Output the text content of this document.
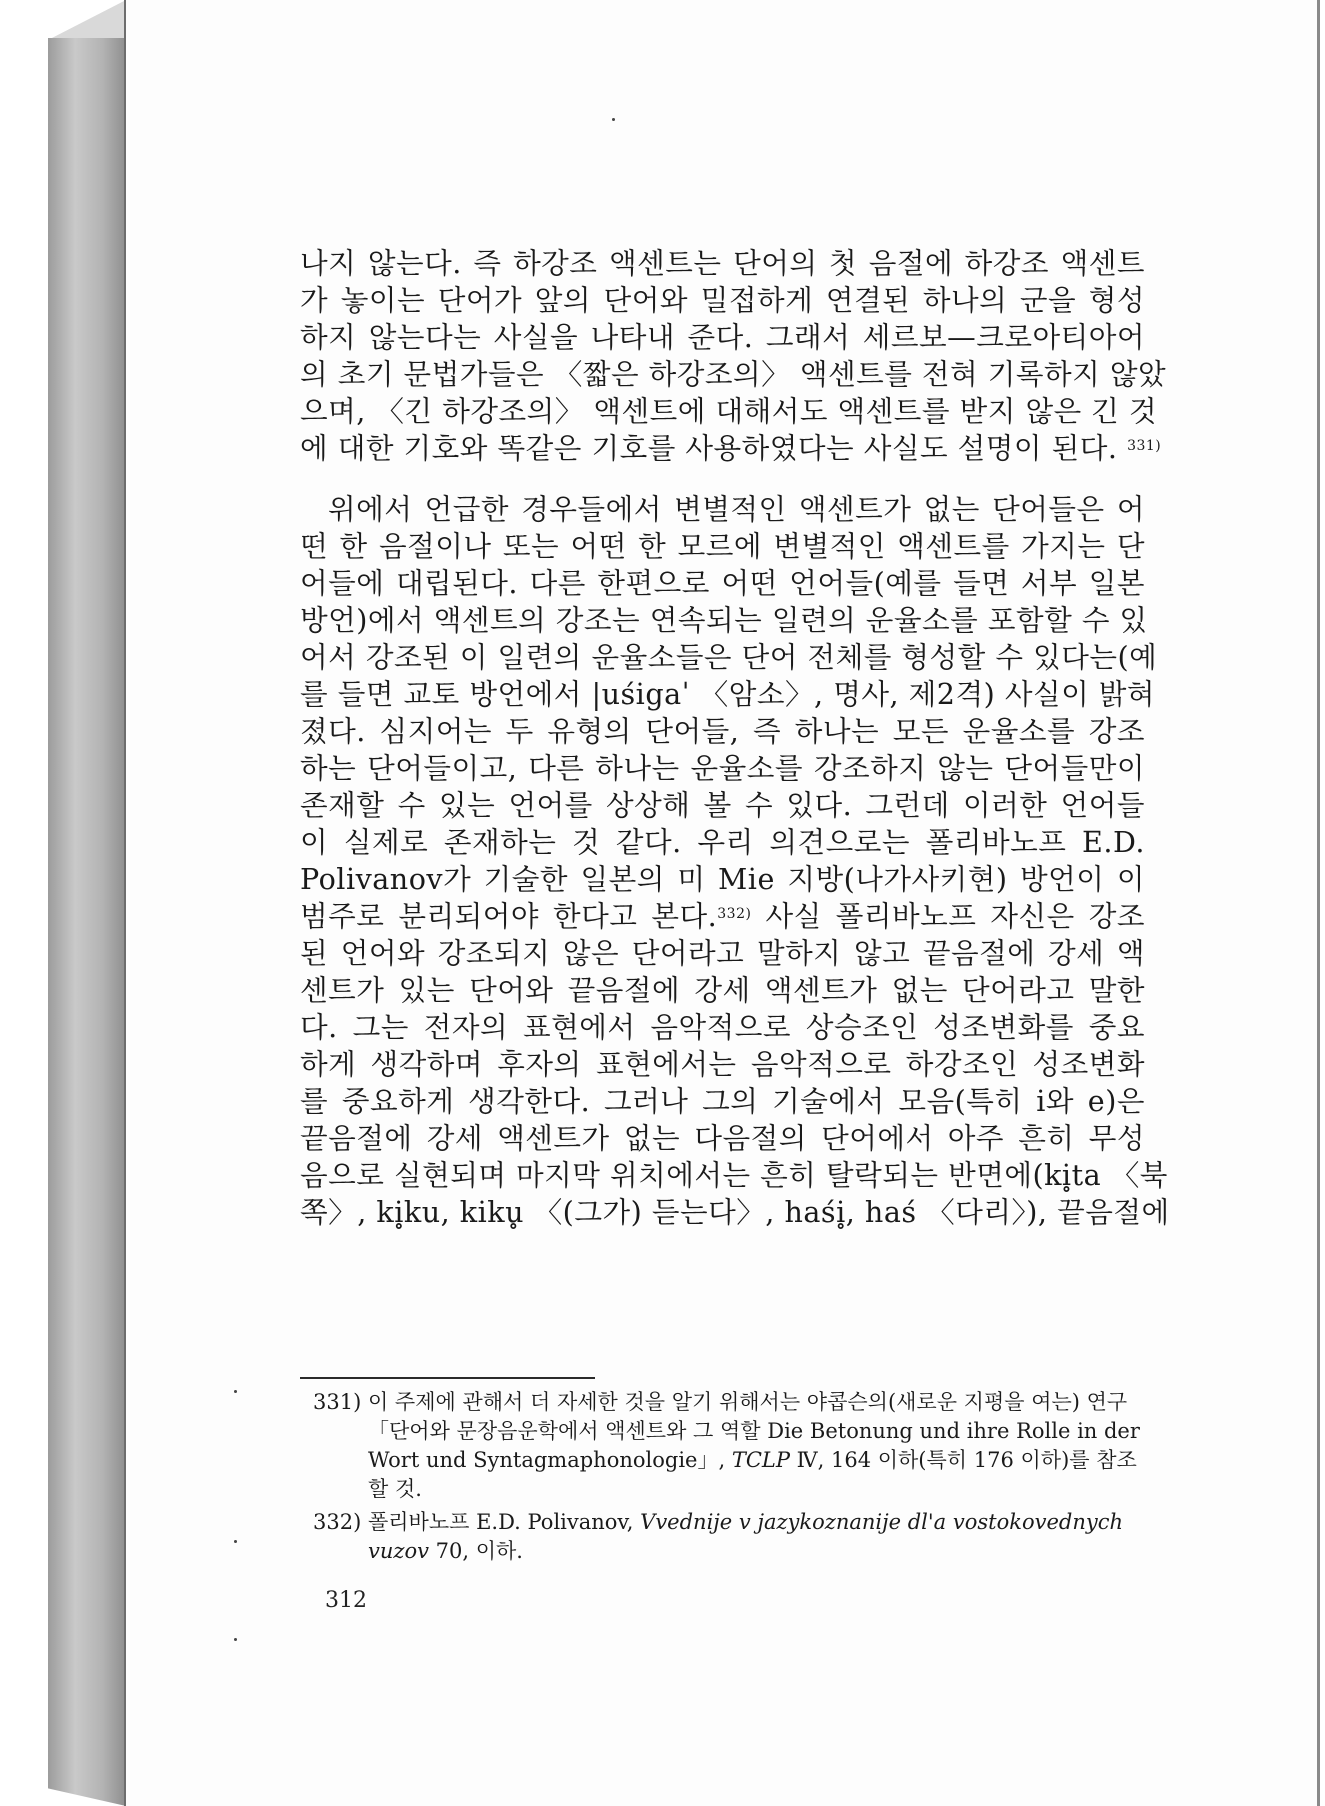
나지 않는다. 즉 하강조 액센트는 단어의 첫 음절에 하강조 액센트
가 놓이는 단어가 앞의 단어와 밀접하게 연결된 하나의 군을 형성
하지 않는다는 사실을 나타내 준다. 그래서 세르보—크로아티아어
의 초기 문법가들은 〈짧은 하강조의〉 액센트를 전혀 기록하지 않았
으며, 〈긴 하강조의〉 액센트에 대해서도 액센트를 받지 않은 긴 것
에 대한 기호와 똑같은 기호를 사용하였다는 사실도 설명이 된다. $^{331)}$
위에서 언급한 경우들에서 변별적인 액센트가 없는 단어들은 어
떤 한 음절이나 또는 어떤 한 모르에 변별적인 액센트를 가지는 단
어들에 대립된다. 다른 한편으로 어떤 언어들(예를 들면 서부 일본
방언)에서 액센트의 강조는 연속되는 일련의 운율소를 포함할 수 있
어서 강조된 이 일련의 운율소들은 단어 전체를 형성할 수 있다는(예
를 들면 교토 방언에서 |uśigaˈ 〈암소〉, 명사, 제2격) 사실이 밝혀
졌다. 심지어는 두 유형의 단어들, 즉 하나는 모든 운율소를 강조
하는 단어들이고, 다른 하나는 운율소를 강조하지 않는 단어들만이
존재할 수 있는 언어를 상상해 볼 수 있다. 그런데 이러한 언어들
이 실제로 존재하는 것 같다. 우리 의견으로는 폴리바노프 E.D.
Polivanov가 기술한 일본의 미 Mie 지방(나가사키현) 방언이 이
범주로 분리되어야 한다고 본다.$^{332)}$ 사실 폴리바노프 자신은 강조
된 언어와 강조되지 않은 단어라고 말하지 않고 끝음절에 강세 액
센트가 있는 단어와 끝음절에 강세 액센트가 없는 단어라고 말한
다. 그는 전자의 표현에서 음악적으로 상승조인 성조변화를 중요
하게 생각하며 후자의 표현에서는 음악적으로 하강조인 성조변화
를 중요하게 생각한다. 그러나 그의 기술에서 모음(특히 i와 e)은
끝음절에 강세 액센트가 없는 다음절의 단어에서 아주 흔히 무성
음으로 실현되며 마지막 위치에서는 흔히 탈락되는 반면에(ki̥ta 〈북
쪽〉, ki̥ku, kiku̥ 〈(그가) 듣는다〉, haśi̥, haś 〈다리〉), 끝음절에

331) 이 주제에 관해서 더 자세한 것을 알기 위해서는 야콥슨의(새로운 지평을 여는) 연구 「단어와 문장음운학에서 액센트와 그 역할 Die Betonung und ihre Rolle in der Wort und Syntagmaphonologie」, TCLP Ⅳ, 164 이하(특히 176 이하)를 참조할 것.

332) 폴리바노프 E.D. Polivanov, Vvednije v jazykoznanije dl'a vostokovednych vuzov 70, 이하.

312
